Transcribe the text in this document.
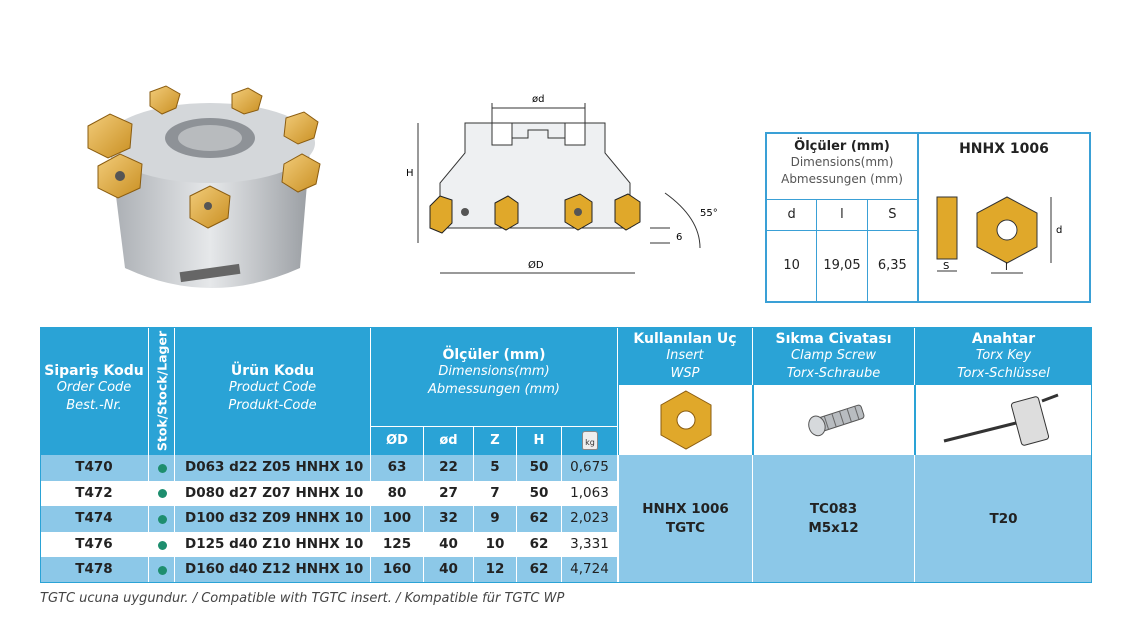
ød
H
ØD
55°
6
Ölçüler (mm)
Dimensions(mm)
Abmessungen (mm)
d	l	S
10	19,05	6,35
HNHX 1006
S
d
l
Sipariş Kodu
Order Code
Best.-Nr.	Stok/Stock/Lager	Ürün Kodu
Product Code
Produkt-Code
Ölçüler (mm)
Dimensions(mm)
Abmessungen (mm)
ØD	ød	Z	H	kg
Kullanılan Uç
Insert
WSP
Sıkma Civatası
Clamp Screw
Torx-Schraube
Anahtar
Torx Key
Torx-Schlüssel
T470	D063 d22 Z05 HNHX 10	63	22	5	50	0,675
T472	D080 d27 Z07 HNHX 10	80	27	7	50	1,063
T474	D100 d32 Z09 HNHX 10	100	32	9	62	2,023
T476	D125 d40 Z10 HNHX 10	125	40	10	62	3,331
T478	D160 d40 Z12 HNHX 10	160	40	12	62	4,724
HNHX 1006
TGTC
TC083
M5x12
T20
TGTC ucuna uygundur. / Compatible with TGTC insert. / Kompatible für TGTC WP
